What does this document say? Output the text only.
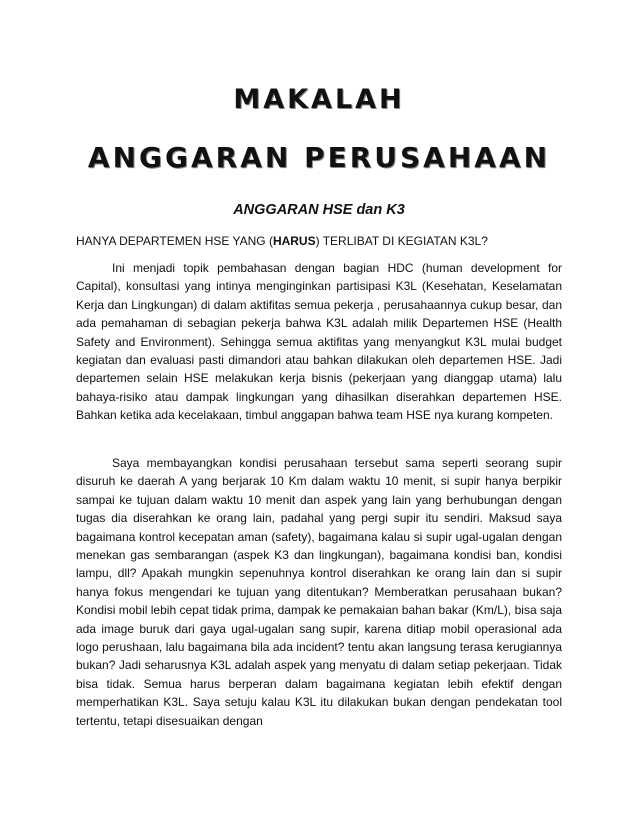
MAKALAH
ANGGARAN PERUSAHAAN
ANGGARAN HSE dan K3
HANYA DEPARTEMEN HSE YANG (HARUS) TERLIBAT DI KEGIATAN K3L?

Ini menjadi topik pembahasan dengan bagian HDC (human development for Capital), konsultasi yang intinya menginginkan partisipasi K3L (Kesehatan, Keselamatan Kerja dan Lingkungan) di dalam aktifitas semua pekerja , perusahaannya cukup besar, dan ada pemahaman di sebagian pekerja bahwa K3L adalah milik Departemen HSE (Health Safety and Environment). Sehingga semua aktifitas yang menyangkut K3L mulai budget kegiatan dan evaluasi pasti dimandori atau bahkan dilakukan oleh departemen HSE. Jadi departemen selain HSE melakukan kerja bisnis (pekerjaan yang dianggap utama) lalu bahaya-risiko atau dampak lingkungan yang dihasilkan diserahkan departemen HSE. Bahkan ketika ada kecelakaan, timbul anggapan bahwa team HSE nya kurang kompeten.

Saya membayangkan kondisi perusahaan tersebut sama seperti seorang supir disuruh ke daerah A yang berjarak 10 Km dalam waktu 10 menit, si supir hanya berpikir sampai ke tujuan dalam waktu 10 menit dan aspek yang lain yang berhubungan dengan tugas dia diserahkan ke orang lain, padahal yang pergi supir itu sendiri. Maksud saya bagaimana kontrol kecepatan aman (safety), bagaimana kalau si supir ugal-ugalan dengan menekan gas sembarangan (aspek K3 dan lingkungan), bagaimana kondisi ban, kondisi lampu, dll? Apakah mungkin sepenuhnya kontrol diserahkan ke orang lain dan si supir hanya fokus mengendari ke tujuan yang ditentukan? Memberatkan perusahaan bukan? Kondisi mobil lebih cepat tidak prima, dampak ke pemakaian bahan bakar (Km/L), bisa saja ada image buruk dari gaya ugal-ugalan sang supir, karena ditiap mobil operasional ada logo perushaan, lalu bagaimana bila ada incident? tentu akan langsung terasa kerugiannya bukan? Jadi seharusnya K3L adalah aspek yang menyatu di dalam setiap pekerjaan. Tidak bisa tidak. Semua harus berperan dalam bagaimana kegiatan lebih efektif dengan memperhatikan K3L. Saya setuju kalau K3L itu dilakukan bukan dengan pendekatan tool tertentu, tetapi disesuaikan dengan
